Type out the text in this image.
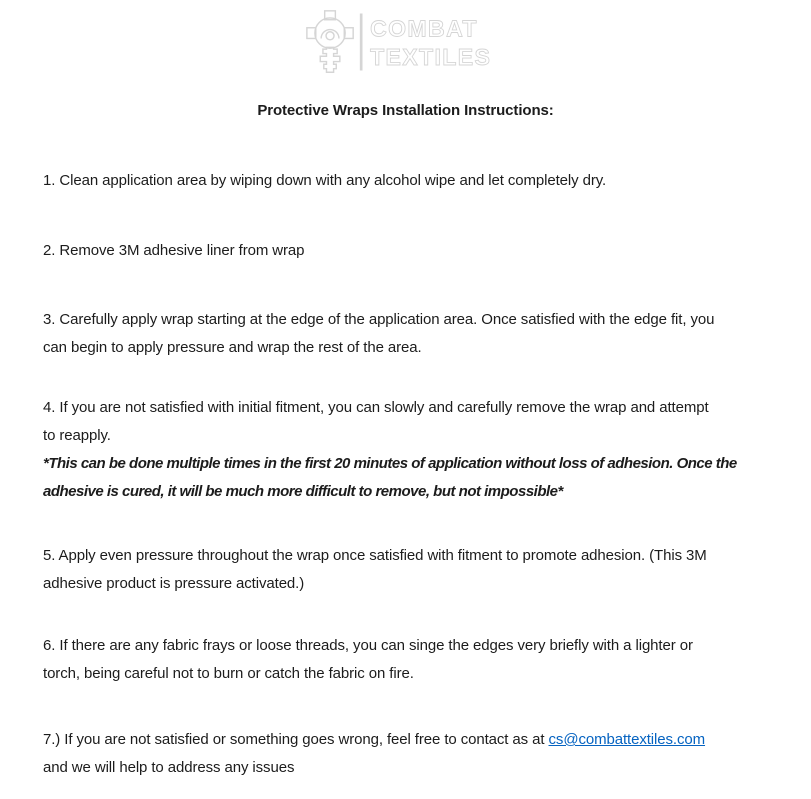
COMBAT
TEXTILES
Protective Wraps Installation Instructions:
1. Clean application area by wiping down with any alcohol wipe and let completely dry.
2. Remove 3M adhesive liner from wrap
3. Carefully apply wrap starting at the edge of the application area. Once satisfied with the edge fit, you
can begin to apply pressure and wrap the rest of the area.
4. If you are not satisfied with initial fitment, you can slowly and carefully remove the wrap and attempt
to reapply.
*This can be done multiple times in the first 20 minutes of application without loss of adhesion. Once the
adhesive is cured, it will be much more difficult to remove, but not impossible*
5. Apply even pressure throughout the wrap once satisfied with fitment to promote adhesion. (This 3M
adhesive product is pressure activated.)
6. If there are any fabric frays or loose threads, you can singe the edges very briefly with a lighter or
torch, being careful not to burn or catch the fabric on fire.
7.) If you are not satisfied or something goes wrong, feel free to contact as at cs@combattextiles.com
and we will help to address any issues
